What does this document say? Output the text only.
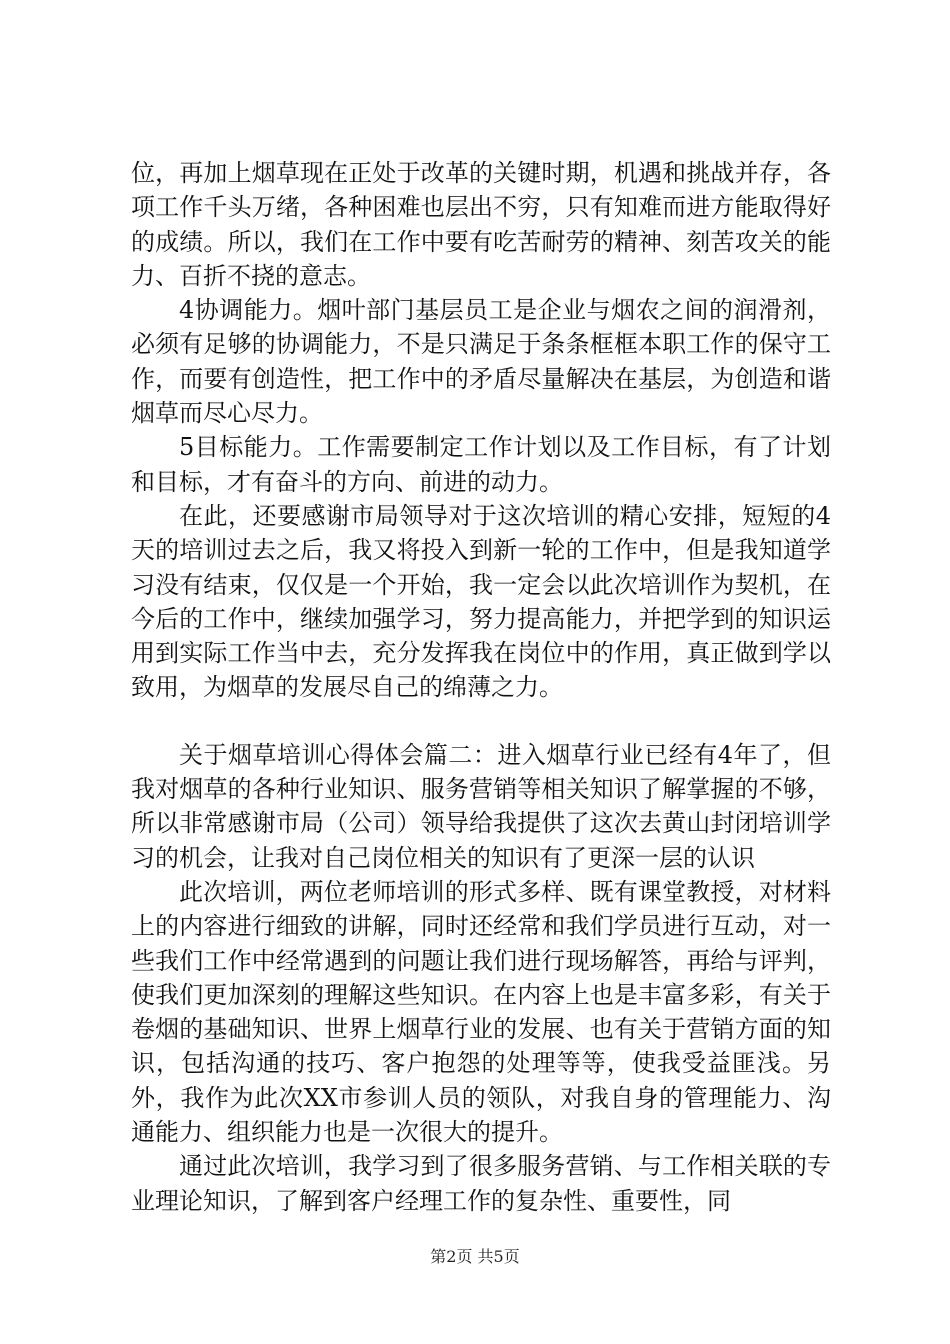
位，再加上烟草现在正处于改革的关键时期，机遇和挑战并存，各项工作千头万绪，各种困难也层出不穷，只有知难而进方能取得好的成绩。所以，我们在工作中要有吃苦耐劳的精神、刻苦攻关的能力、百折不挠的意志。

4协调能力。烟叶部门基层员工是企业与烟农之间的润滑剂，必须有足够的协调能力，不是只满足于条条框框本职工作的保守工作，而要有创造性，把工作中的矛盾尽量解决在基层，为创造和谐烟草而尽心尽力。

5目标能力。工作需要制定工作计划以及工作目标，有了计划和目标，才有奋斗的方向、前进的动力。

在此，还要感谢市局领导对于这次培训的精心安排，短短的4天的培训过去之后，我又将投入到新一轮的工作中，但是我知道学习没有结束，仅仅是一个开始，我一定会以此次培训作为契机，在今后的工作中，继续加强学习，努力提高能力，并把学到的知识运用到实际工作当中去，充分发挥我在岗位中的作用，真正做到学以致用，为烟草的发展尽自己的绵薄之力。

关于烟草培训心得体会篇二：进入烟草行业已经有4年了，但我对烟草的各种行业知识、服务营销等相关知识了解掌握的不够，所以非常感谢市局（公司）领导给我提供了这次去黄山封闭培训学习的机会，让我对自己岗位相关的知识有了更深一层的认识

此次培训，两位老师培训的形式多样、既有课堂教授，对材料上的内容进行细致的讲解，同时还经常和我们学员进行互动，对一些我们工作中经常遇到的问题让我们进行现场解答，再给与评判，使我们更加深刻的理解这些知识。在内容上也是丰富多彩，有关于卷烟的基础知识、世界上烟草行业的发展、也有关于营销方面的知识，包括沟通的技巧、客户抱怨的处理等等，使我受益匪浅。另外，我作为此次XX市参训人员的领队，对我自身的管理能力、沟通能力、组织能力也是一次很大的提升。

通过此次培训，我学习到了很多服务营销、与工作相关联的专业理论知识，了解到客户经理工作的复杂性、重要性，同

第2页 共5页
